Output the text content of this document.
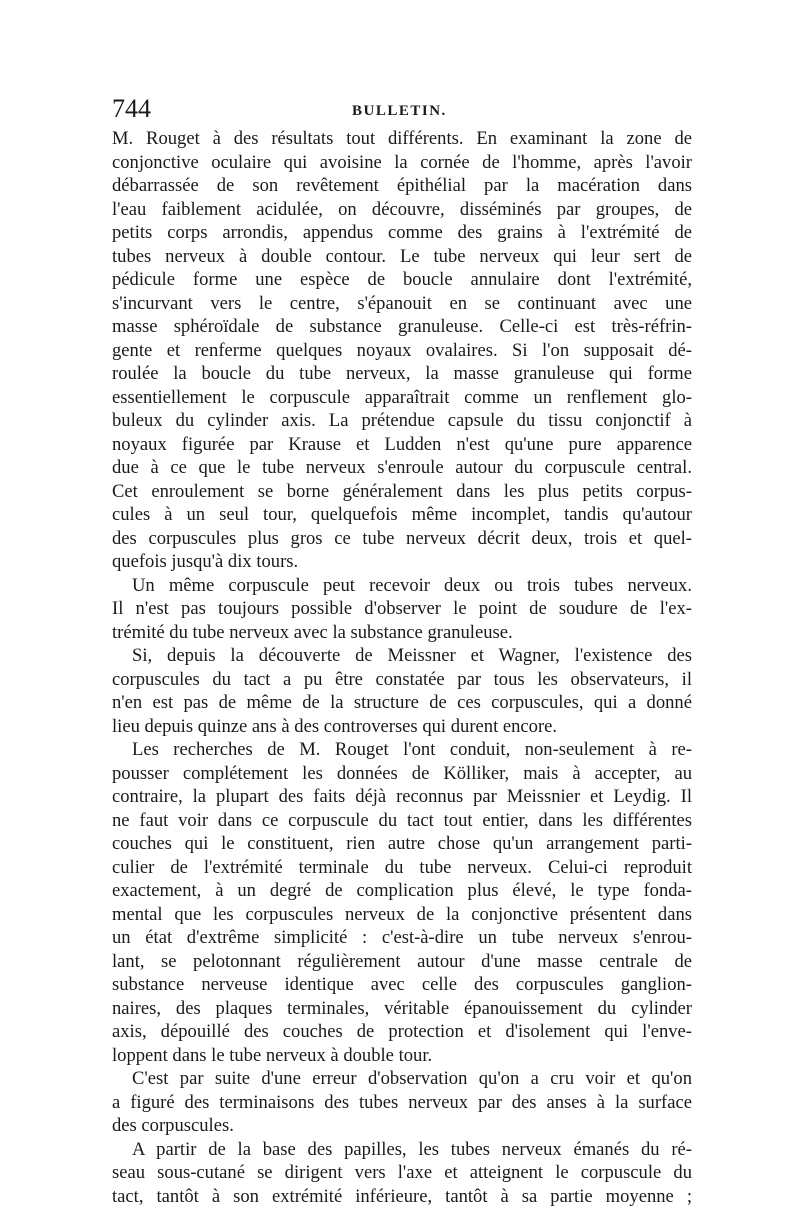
744	BULLETIN.
M. Rouget à des résultats tout différents. En examinant la zone de
conjonctive oculaire qui avoisine la cornée de l'homme, après l'avoir
débarrassée de son revêtement épithélial par la macération dans
l'eau faiblement acidulée, on découvre, disséminés par groupes, de
petits corps arrondis, appendus comme des grains à l'extrémité de
tubes nerveux à double contour. Le tube nerveux qui leur sert de
pédicule forme une espèce de boucle annulaire dont l'extrémité,
s'incurvant vers le centre, s'épanouit en se continuant avec une
masse sphéroïdale de substance granuleuse. Celle-ci est très-réfrin-
gente et renferme quelques noyaux ovalaires. Si l'on supposait dé-
roulée la boucle du tube nerveux, la masse granuleuse qui forme
essentiellement le corpuscule apparaîtrait comme un renflement glo-
buleux du cylinder axis. La prétendue capsule du tissu conjonctif à
noyaux figurée par Krause et Ludden n'est qu'une pure apparence
due à ce que le tube nerveux s'enroule autour du corpuscule central.
Cet enroulement se borne généralement dans les plus petits corpus-
cules à un seul tour, quelquefois même incomplet, tandis qu'autour
des corpuscules plus gros ce tube nerveux décrit deux, trois et quel-
quefois jusqu'à dix tours.
Un même corpuscule peut recevoir deux ou trois tubes nerveux.
Il n'est pas toujours possible d'observer le point de soudure de l'ex-
trémité du tube nerveux avec la substance granuleuse.
Si, depuis la découverte de Meissner et Wagner, l'existence des
corpuscules du tact a pu être constatée par tous les observateurs, il
n'en est pas de même de la structure de ces corpuscules, qui a donné
lieu depuis quinze ans à des controverses qui durent encore.
Les recherches de M. Rouget l'ont conduit, non-seulement à re-
pousser complétement les données de Kölliker, mais à accepter, au
contraire, la plupart des faits déjà reconnus par Meissnier et Leydig. Il
ne faut voir dans ce corpuscule du tact tout entier, dans les différentes
couches qui le constituent, rien autre chose qu'un arrangement parti-
culier de l'extrémité terminale du tube nerveux. Celui-ci reproduit
exactement, à un degré de complication plus élevé, le type fonda-
mental que les corpuscules nerveux de la conjonctive présentent dans
un état d'extrême simplicité : c'est-à-dire un tube nerveux s'enrou-
lant, se pelotonnant régulièrement autour d'une masse centrale de
substance nerveuse identique avec celle des corpuscules ganglion-
naires, des plaques terminales, véritable épanouissement du cylinder
axis, dépouillé des couches de protection et d'isolement qui l'enve-
loppent dans le tube nerveux à double tour.
C'est par suite d'une erreur d'observation qu'on a cru voir et qu'on
a figuré des terminaisons des tubes nerveux par des anses à la surface
des corpuscules.
A partir de la base des papilles, les tubes nerveux émanés du ré-
seau sous-cutané se dirigent vers l'axe et atteignent le corpuscule du
tact, tantôt à son extrémité inférieure, tantôt à sa partie moyenne ;
